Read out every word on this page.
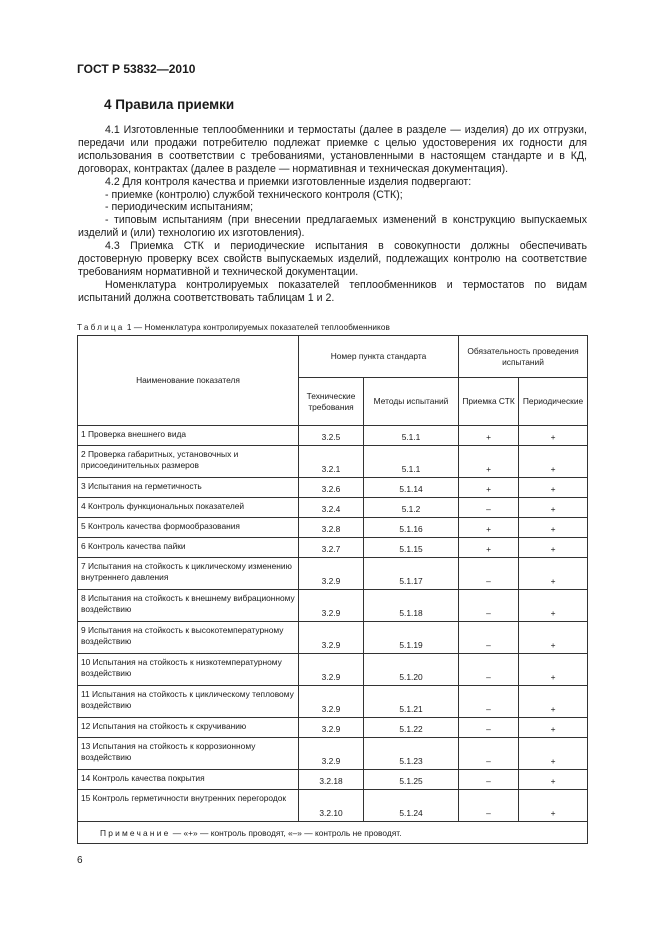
ГОСТ Р 53832—2010
4 Правила приемки

4.1 Изготовленные теплообменники и термостаты (далее в разделе — изделия) до их отгрузки, передачи или продажи потребителю подлежат приемке с целью удостоверения их годности для использования в соответствии с требованиями, установленными в настоящем стандарте и в КД, договорах, контрактах (далее в разделе — нормативная и техническая документация).

4.2 Для контроля качества и приемки изготовленные изделия подвергают:

- приемке (контролю) службой технического контроля (СТК);

- периодическим испытаниям;

- типовым испытаниям (при внесении предлагаемых изменений в конструкцию выпускаемых изделий и (или) технологию их изготовления).

4.3 Приемка СТК и периодические испытания в совокупности должны обеспечивать достоверную проверку всех свойств выпускаемых изделий, подлежащих контролю на соответствие требованиям нормативной и технической документации.

Номенклатура контролируемых показателей теплообменников и термостатов по видам испытаний должна соответствовать таблицам 1 и 2.

Таблица 1 — Номенклатура контролируемых показателей теплообменников
Наименование показателя	Номер пункта стандарта		Обязательность проведения испытаний	
	Технические требования	Методы испытаний	Приемка СТК	Периодические
1 Проверка внешнего вида	3.2.5	5.1.1	+	+
2 Проверка габаритных, установочных и присоединительных размеров	3.2.1	5.1.1	+	+
3 Испытания на герметичность	3.2.6	5.1.14	+	+
4 Контроль функциональных показателей	3.2.4	5.1.2	–	+
5 Контроль качества формообразования	3.2.8	5.1.16	+	+
6 Контроль качества пайки	3.2.7	5.1.15	+	+
7 Испытания на стойкость к циклическому изменению внутреннего давления	3.2.9	5.1.17	–	+
8 Испытания на стойкость к внешнему вибрационному воздействию	3.2.9	5.1.18	–	+
9 Испытания на стойкость к высокотемпературному воздействию	3.2.9	5.1.19	–	+
10 Испытания на стойкость к низкотемпературному воздействию	3.2.9	5.1.20	–	+
11 Испытания на стойкость к циклическому тепловому воздействию	3.2.9	5.1.21	–	+
12 Испытания на стойкость к скручиванию	3.2.9	5.1.22	–	+
13 Испытания на стойкость к коррозионному воздействию	3.2.9	5.1.23	–	+
14 Контроль качества покрытия	3.2.18	5.1.25	–	+
15 Контроль герметичности внутренних перегородок	3.2.10	5.1.24	–	+
Примечание — «+» — контроль проводят, «–» — контроль не проводят.				
6
